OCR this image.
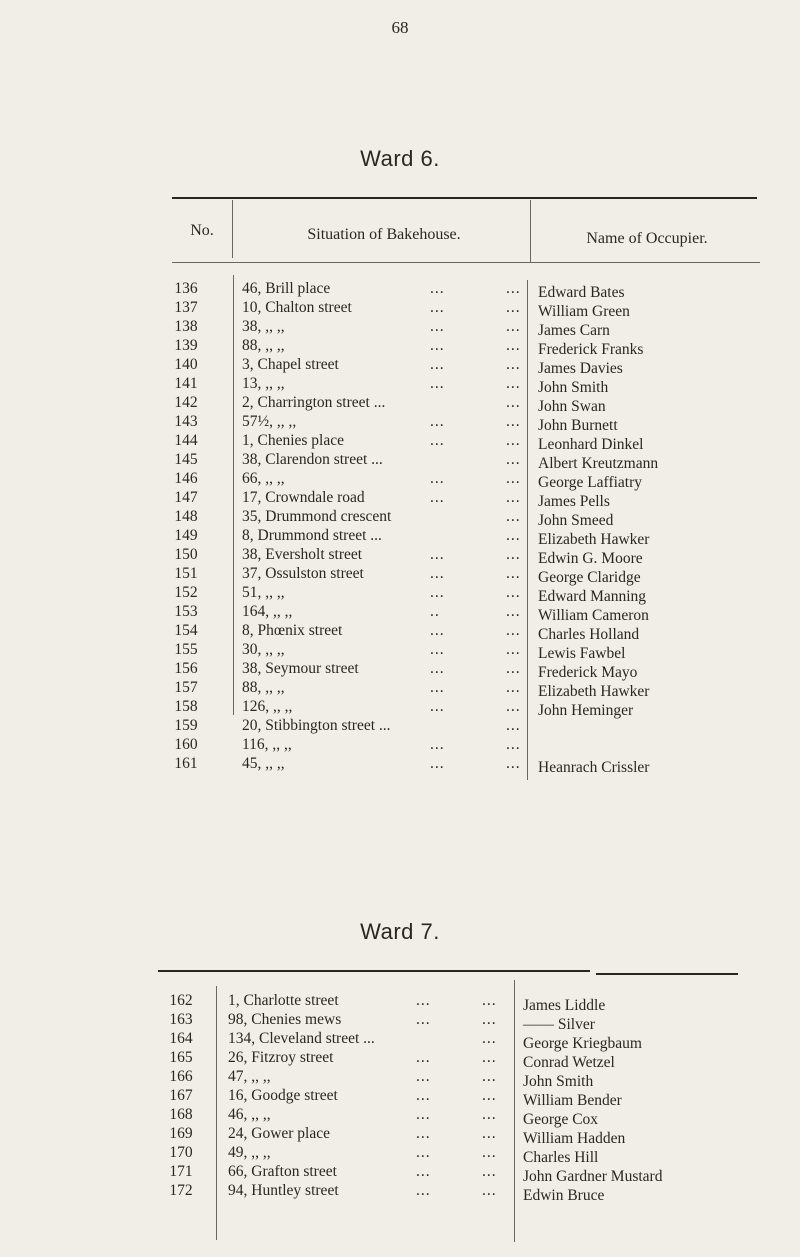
68
Ward 6.
No.	Situation of Bakehouse.	Name of Occupier.
136	46, Brill place	...	... Edward Bates
137	10, Chalton street	...	... William Green
138	38, ,, ,,	...	... James Carn
139	88, ,, ,,	...	... Frederick Franks
140	3, Chapel street	...	... James Davies
141	13, ,, ,,	...	... John Smith
142	2, Charrington street ...	... John Swan
143	57½, ,, ,,	...	... John Burnett
144	1, Chenies place	...	... Leonhard Dinkel
145	38, Clarendon street ...	... Albert Kreutzmann
146	66, ,, ,,	...	... George Laffiatry
147	17, Crowndale road	...	... James Pells
148	35, Drummond crescent	... John Smeed
149	8, Drummond street ...	... Elizabeth Hawker
150	38, Eversholt street	...	... Edwin G. Moore
151	37, Ossulston street	...	... George Claridge
152	51, ,, ,,	...	... Edward Manning
153	164, ,, ,,	..	... William Cameron
154	8, Phœnix street	...	... Charles Holland
155	30, ,, ,,	...	... Lewis Fawbel
156	38, Seymour street	...	... Frederick Mayo
157	88, ,, ,,	...	... Elizabeth Hawker
158	126, ,, ,,	...	... John Heminger
159	20, Stibbington street ...	...
160	116, ,, ,,	...	...
161	45, ,, ,,	...	... Heanrach Crissler
Ward 7.
162	1, Charlotte street	...	... James Liddle
163	98, Chenies mews	...	... —— Silver
164	134, Cleveland street ...	... George Kriegbaum
165	26, Fitzroy street	...	... Conrad Wetzel
166	47, ,, ,,	...	... John Smith
167	16, Goodge street	...	... William Bender
168	46, ,, ,,	...	... George Cox
169	24, Gower place	...	... William Hadden
170	49, ,, ,,	...	... Charles Hill
171	66, Grafton street	...	... John Gardner Mustard
172	94, Huntley street	...	... Edwin Bruce
